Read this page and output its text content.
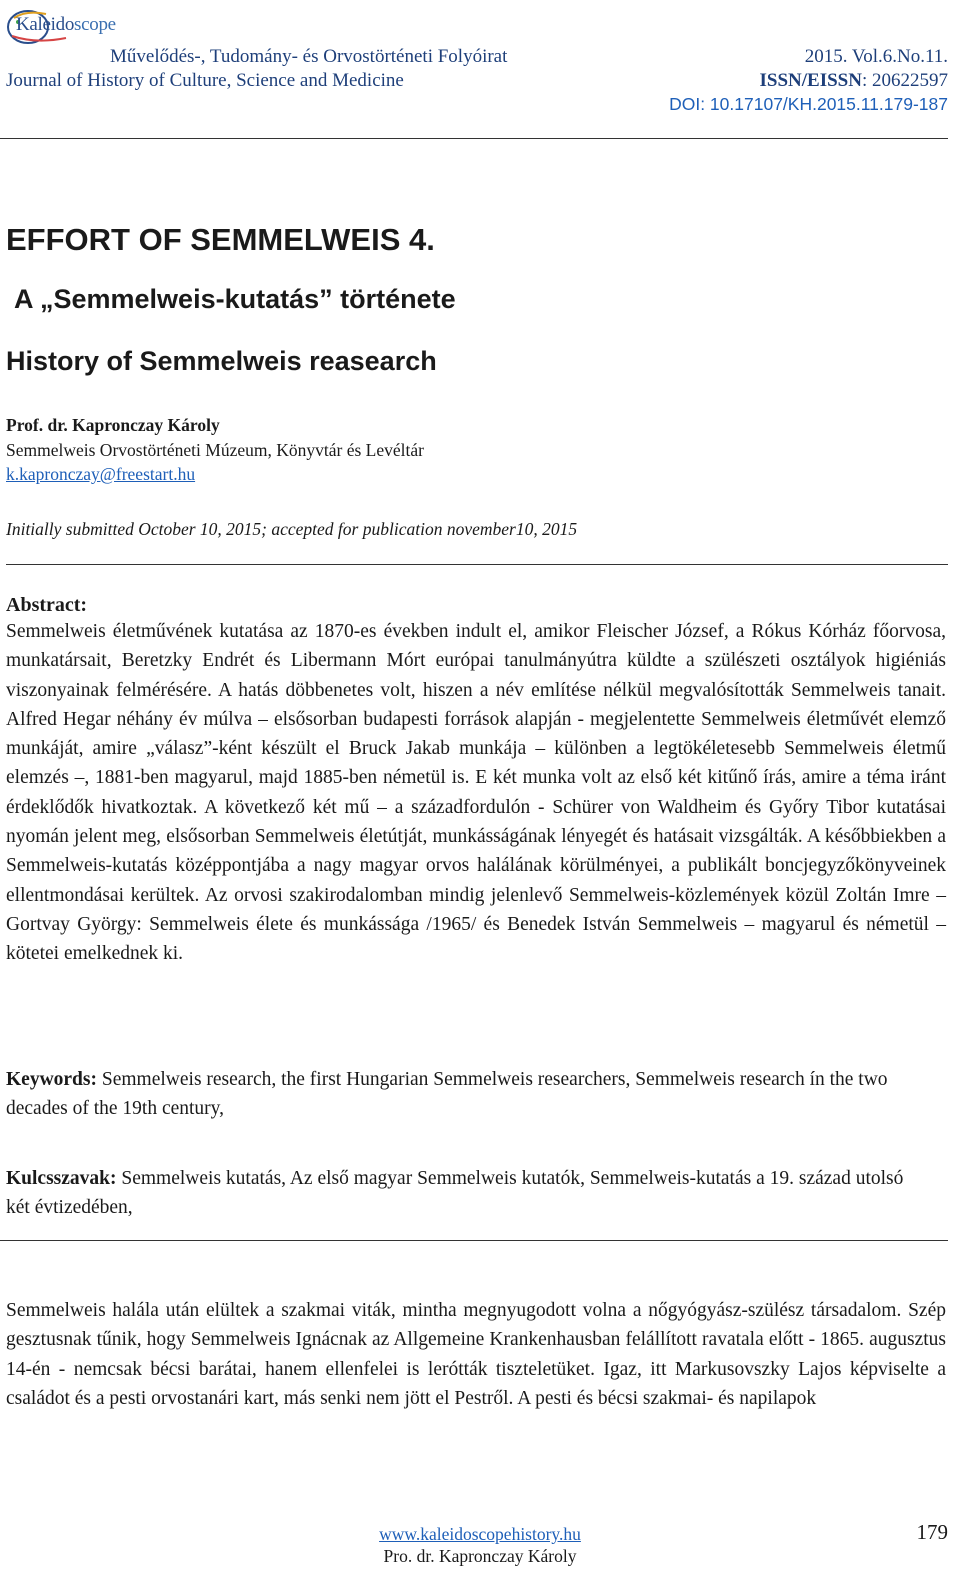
Kaleidoscope
Művelődés-, Tudomány- és Orvostörténeti Folyóirat
Journal of History of Culture, Science and Medicine
2015. Vol.6.No.11.
ISSN/EISSN: 20622597
DOI: 10.17107/KH.2015.11.179-187
EFFORT OF SEMMELWEIS 4.
A „Semmelweis-kutatás” története
History of Semmelweis reasearch
Prof. dr. Kapronczay Károly
Semmelweis Orvostörténeti Múzeum, Könyvtár és Levéltár
k.kapronczay@freestart.hu
Initially submitted October 10, 2015; accepted for publication november10, 2015
Abstract:
Semmelweis életművének kutatása az 1870-es években indult el, amikor Fleischer József, a Rókus Kórház főorvosa, munkatársait, Beretzky Endrét és Libermann Mórt európai tanulmányútra küldte a szülészeti osztályok higiéniás viszonyainak felmérésére. A hatás döbbenetes volt, hiszen a név említése nélkül megvalósították Semmelweis tanait. Alfred Hegar néhány év múlva – elsősorban budapesti források alapján - megjelentette Semmelweis életművét elemző munkáját, amire „válasz”-ként készült el Bruck Jakab munkája – különben a legtökéletesebb Semmelweis életmű elemzés –, 1881-ben magyarul, majd 1885-ben németül is. E két munka volt az első két kitűnő írás, amire a téma iránt érdeklődők hivatkoztak. A következő két mű – a századfordulón - Schürer von Waldheim és Győry Tibor kutatásai nyomán jelent meg, elsősorban Semmelweis életútját, munkásságának lényegét és hatásait vizsgálták. A későbbiekben a Semmelweis-kutatás középpontjába a nagy magyar orvos halálának körülményei, a publikált boncjegyzőkönyveinek ellentmondásai kerültek. Az orvosi szakirodalomban mindig jelenlevő Semmelweis-közlemények közül Zoltán Imre – Gortvay György: Semmelweis élete és munkássága /1965/ és Benedek István Semmelweis – magyarul és németül – kötetei emelkednek ki.
Keywords: Semmelweis research, the first Hungarian Semmelweis researchers, Semmelweis research ín the two decades of the 19th century,
Kulcsszavak: Semmelweis kutatás, Az első magyar Semmelweis kutatók, Semmelweis-kutatás a 19. század utolsó két évtizedében,
Semmelweis halála után elültek a szakmai viták, mintha megnyugodott volna a nőgyógyász-szülész társadalom. Szép gesztusnak tűnik, hogy Semmelweis Ignácnak az Allgemeine Krankenhausban felállított ravatala előtt - 1865. augusztus 14-én - nemcsak bécsi barátai, hanem ellenfelei is lerótták tiszteletüket. Igaz, itt Markusovszky Lajos képviselte a családot és a pesti orvostanári kart, más senki nem jött el Pestről. A pesti és bécsi szakmai- és napilapok
179
www.kaleidoscopehistory.hu
Pro. dr. Kapronczay Károly
